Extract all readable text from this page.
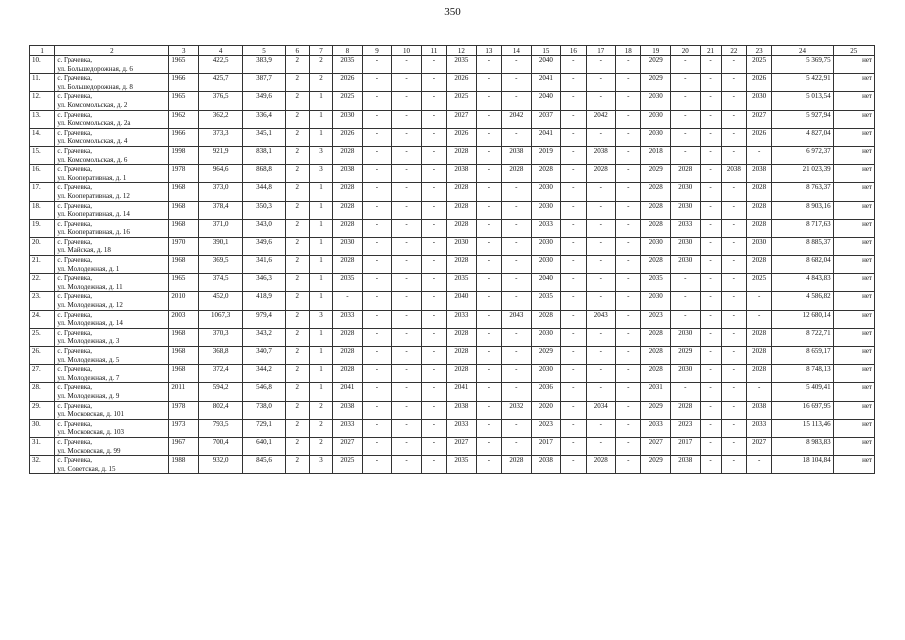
350
1	2	3	4	5	6	7	8	9	10	11	12	13	14	15	16	17	18	19	20	21	22	23	24	25
10.	с. Грачевка,
ул. Большедорожная, д. 6	1965	422,5	383,9	2	2	2035	-	-	-	2035	-	-	2040	-	-	-	2029	-	-	-	2025	5 369,75	нет
11.	с. Грачевка,
ул. Большедорожная, д. 8	1966	425,7	387,7	2	2	2026	-	-	-	2026	-	-	2041	-	-	-	2029	-	-	-	2026	5 422,91	нет
12.	с. Грачевка,
ул. Комсомольская, д. 2	1965	376,5	349,6	2	1	2025	-	-	-	2025	-	-	2040	-	-	-	2030	-	-	-	2030	5 013,54	нет
13.	с. Грачевка,
ул. Комсомольская, д. 2а	1962	362,2	336,4	2	1	2030	-	-	-	2027	-	2042	2037	-	2042	-	2030	-	-	-	2027	5 927,94	нет
14.	с. Грачевка,
ул. Комсомольская, д. 4	1966	373,3	345,1	2	1	2026	-	-	-	2026	-	-	2041	-	-	-	2030	-	-	-	2026	4 827,04	нет
15.	с. Грачевка,
ул. Комсомольская, д. 6	1998	921,9	838,1	2	3	2028	-	-	-	2028	-	2038	2019	-	2038	-	2018	-	-	-	-	6 972,37	нет
16.	с. Грачевка,
ул. Кооперативная, д. 1	1978	964,6	868,8	2	3	2038	-	-	-	2038	-	2028	2028	-	2028	-	2029	2028	-	2038	2038	21 023,39	нет
17.	с. Грачевка,
ул. Кооперативная, д. 12	1968	373,0	344,8	2	1	2028	-	-	-	2028	-	-	2030	-	-	-	2028	2030	-	-	2028	8 763,37	нет
18.	с. Грачевка,
ул. Кооперативная, д. 14	1968	378,4	350,3	2	1	2028	-	-	-	2028	-	-	2030	-	-	-	2028	2030	-	-	2028	8 903,16	нет
19.	с. Грачевка,
ул. Кооперативная, д. 16	1968	371,0	343,0	2	1	2028	-	-	-	2028	-	-	2033	-	-	-	2028	2033	-	-	2028	8 717,63	нет
20.	с. Грачевка,
ул. Майская, д. 18	1970	390,1	349,6	2	1	2030	-	-	-	2030	-	-	2030	-	-	-	2030	2030	-	-	2030	8 885,37	нет
21.	с. Грачевка,
ул. Молодежная, д. 1	1968	369,5	341,6	2	1	2028	-	-	-	2028	-	-	2030	-	-	-	2028	2030	-	-	2028	8 682,04	нет
22.	с. Грачевка,
ул. Молодежная, д. 11	1965	374,5	346,3	2	1	2035	-	-	-	2035	-	-	2040	-	-	-	2035	-	-	-	2025	4 843,83	нет
23.	с. Грачевка,
ул. Молодежная, д. 12	2010	452,0	418,9	2	1	-	-	-	-	2040	-	-	2035	-	-	-	2030	-	-	-	-	4 586,82	нет
24.	с. Грачевка,
ул. Молодежная, д. 14	2003	1067,3	979,4	2	3	2033	-	-	-	2033	-	2043	2028	-	2043	-	2023	-	-	-	-	12 680,14	нет
25.	с. Грачевка,
ул. Молодежная, д. 3	1968	370,3	343,2	2	1	2028	-	-	-	2028	-	-	2030	-	-	-	2028	2030	-	-	2028	8 722,71	нет
26.	с. Грачевка,
ул. Молодежная, д. 5	1968	368,8	340,7	2	1	2028	-	-	-	2028	-	-	2029	-	-	-	2028	2029	-	-	2028	8 659,17	нет
27.	с. Грачевка,
ул. Молодежная, д. 7	1968	372,4	344,2	2	1	2028	-	-	-	2028	-	-	2030	-	-	-	2028	2030	-	-	2028	8 748,13	нет
28.	с. Грачевка,
ул. Молодежная, д. 9	2011	594,2	546,8	2	1	2041	-	-	-	2041	-	-	2036	-	-	-	2031	-	-	-	-	5 409,41	нет
29.	с. Грачевка,
ул. Московская, д. 101	1978	802,4	738,0	2	2	2038	-	-	-	2038	-	2032	2020	-	2034	-	2029	2028	-	-	2038	16 697,95	нет
30.	с. Грачевка,
ул. Московская, д. 103	1973	793,5	729,1	2	2	2033	-	-	-	2033	-	-	2023	-	-	-	2033	2023	-	-	2033	15 113,46	нет
31.	с. Грачевка,
ул. Московская, д. 99	1967	700,4	640,1	2	2	2027	-	-	-	2027	-	-	2017	-	-	-	2027	2017	-	-	2027	8 983,83	нет
32.	с. Грачевка,
ул. Советская, д. 15	1988	932,0	845,6	2	3	2025	-	-	-	2035	-	2028	2038	-	2028	-	2029	2038	-	-	-	18 104,84	нет
